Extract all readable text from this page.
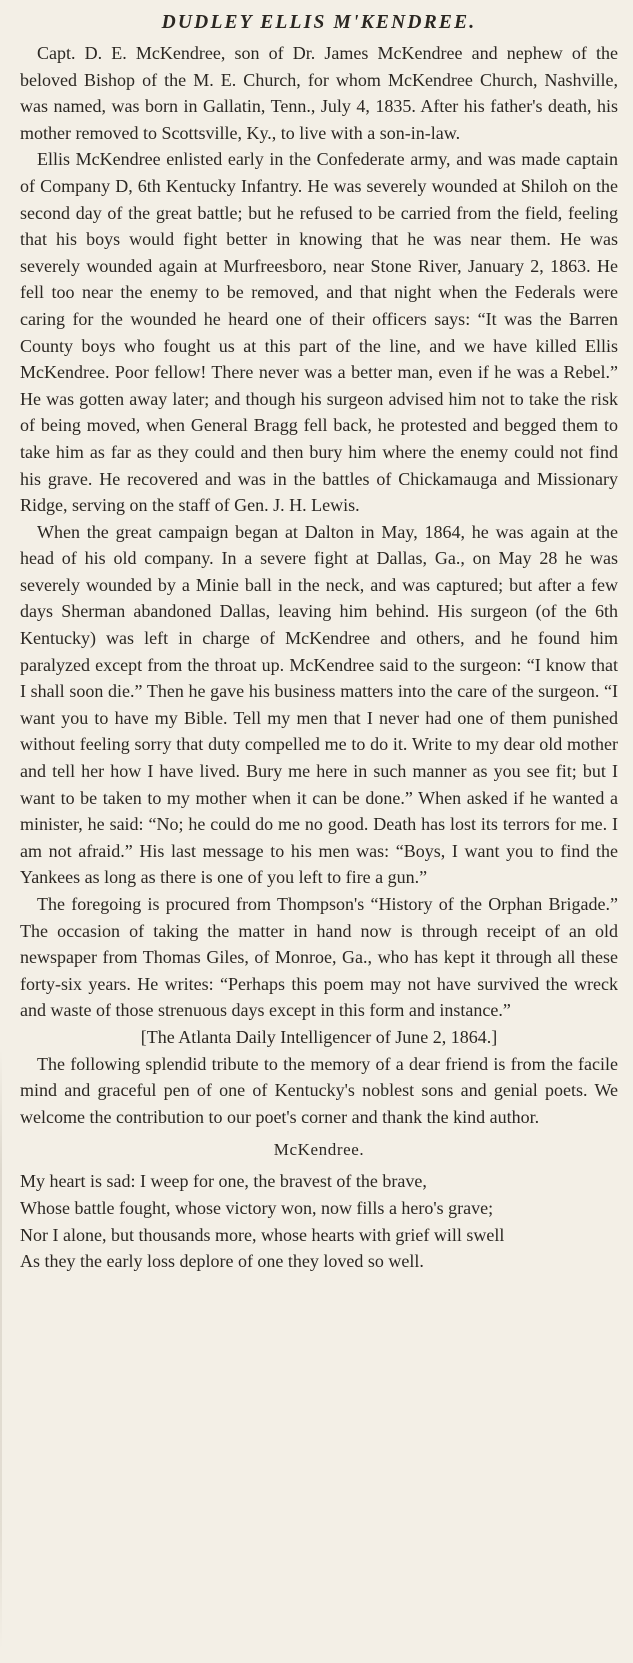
DUDLEY ELLIS M'KENDREE.

Capt. D. E. McKendree, son of Dr. James McKendree and nephew of the beloved Bishop of the M. E. Church, for whom McKendree Church, Nashville, was named, was born in Gallatin, Tenn., July 4, 1835. After his father's death, his mother removed to Scottsville, Ky., to live with a son-in-law.

Ellis McKendree enlisted early in the Confederate army, and was made captain of Company D, 6th Kentucky Infantry. He was severely wounded at Shiloh on the second day of the great battle; but he refused to be carried from the field, feeling that his boys would fight better in knowing that he was near them. He was severely wounded again at Murfreesboro, near Stone River, January 2, 1863. He fell too near the enemy to be removed, and that night when the Federals were caring for the wounded he heard one of their officers says: “It was the Barren County boys who fought us at this part of the line, and we have killed Ellis McKendree. Poor fellow! There never was a better man, even if he was a Rebel.” He was gotten away later; and though his surgeon advised him not to take the risk of being moved, when General Bragg fell back, he protested and begged them to take him as far as they could and then bury him where the enemy could not find his grave. He recovered and was in the battles of Chickamauga and Missionary Ridge, serving on the staff of Gen. J. H. Lewis.

When the great campaign began at Dalton in May, 1864, he was again at the head of his old company. In a severe fight at Dallas, Ga., on May 28 he was severely wounded by a Minie ball in the neck, and was captured; but after a few days Sherman abandoned Dallas, leaving him behind. His surgeon (of the 6th Kentucky) was left in charge of McKendree and others, and he found him paralyzed except from the throat up. McKendree said to the surgeon: “I know that I shall soon die.” Then he gave his business matters into the care of the surgeon. “I want you to have my Bible. Tell my men that I never had one of them punished without feeling sorry that duty compelled me to do it. Write to my dear old mother and tell her how I have lived. Bury me here in such manner as you see fit; but I want to be taken to my mother when it can be done.” When asked if he wanted a minister, he said: “No; he could do me no good. Death has lost its terrors for me. I am not afraid.” His last message to his men was: “Boys, I want you to find the Yankees as long as there is one of you left to fire a gun.”

The foregoing is procured from Thompson's “History of the Orphan Brigade.” The occasion of taking the matter in hand now is through receipt of an old newspaper from Thomas Giles, of Monroe, Ga., who has kept it through all these forty-six years. He writes: “Perhaps this poem may not have survived the wreck and waste of those strenuous days except in this form and instance.”

[The Atlanta Daily Intelligencer of June 2, 1864.]

The following splendid tribute to the memory of a dear friend is from the facile mind and graceful pen of one of Kentucky's noblest sons and genial poets. We welcome the contribution to our poet's corner and thank the kind author.

McKendree.

My heart is sad: I weep for one, the bravest of the brave,

Whose battle fought, whose victory won, now fills a hero's grave;

Nor I alone, but thousands more, whose hearts with grief will swell

As they the early loss deplore of one they loved so well.
